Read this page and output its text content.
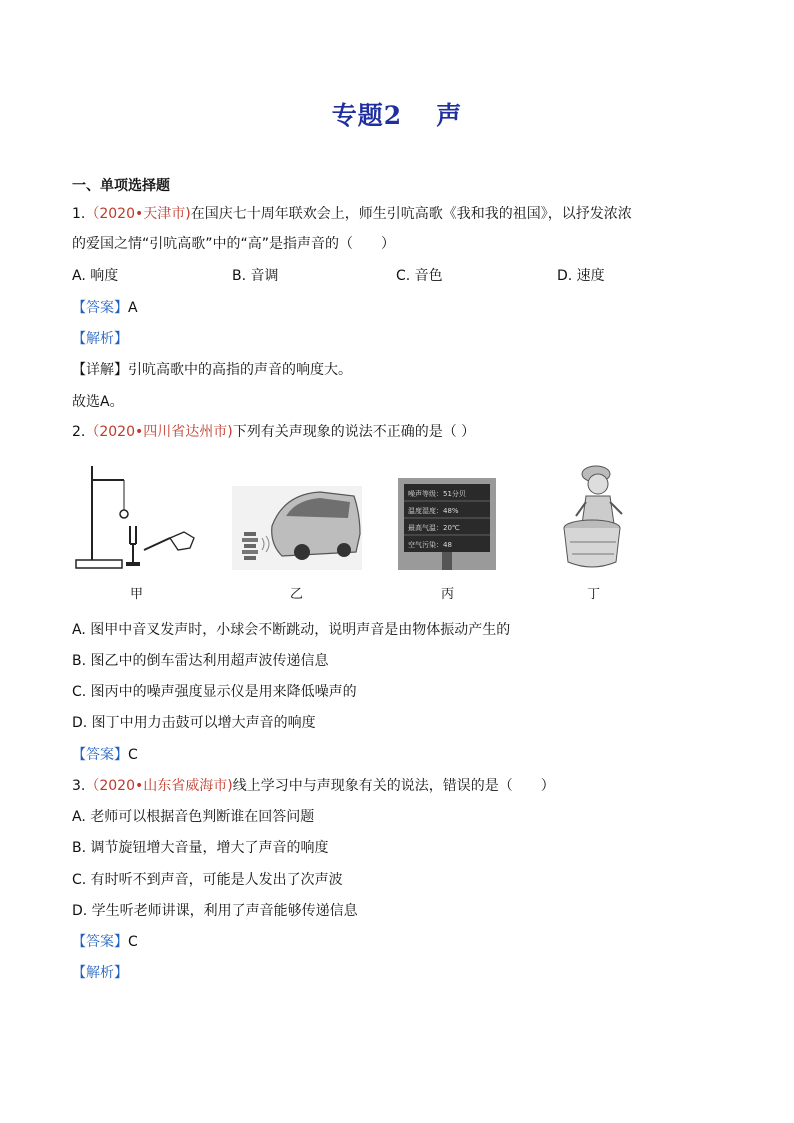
专题2 声
一、单项选择题
1.（2020•天津市)在国庆七十周年联欢会上，师生引吭高歌《我和我的祖国》，以抒发浓浓
的爱国之情“引吭高歌”中的“高”是指声音的（　　）
A. 响度	B. 音调	C. 音色	D. 速度
【答案】A
【解析】
【详解】引吭高歌中的高指的声音的响度大。
故选A。
2.（2020•四川省达州市)下列有关声现象的说法不正确的是（ ）
甲	乙
噪声等级：51分贝
温度湿度：48%
最高气温：20℃
空气污染：48
丙	丁
A. 图甲中音叉发声时，小球会不断跳动，说明声音是由物体振动产生的
B. 图乙中的倒车雷达利用超声波传递信息
C. 图丙中的噪声强度显示仪是用来降低噪声的
D. 图丁中用力击鼓可以增大声音的响度
【答案】C
3.（2020•山东省威海市)线上学习中与声现象有关的说法，错误的是（　　）
A. 老师可以根据音色判断谁在回答问题
B. 调节旋钮增大音量，增大了声音的响度
C. 有时听不到声音，可能是人发出了次声波
D. 学生听老师讲课，利用了声音能够传递信息
【答案】C
【解析】
